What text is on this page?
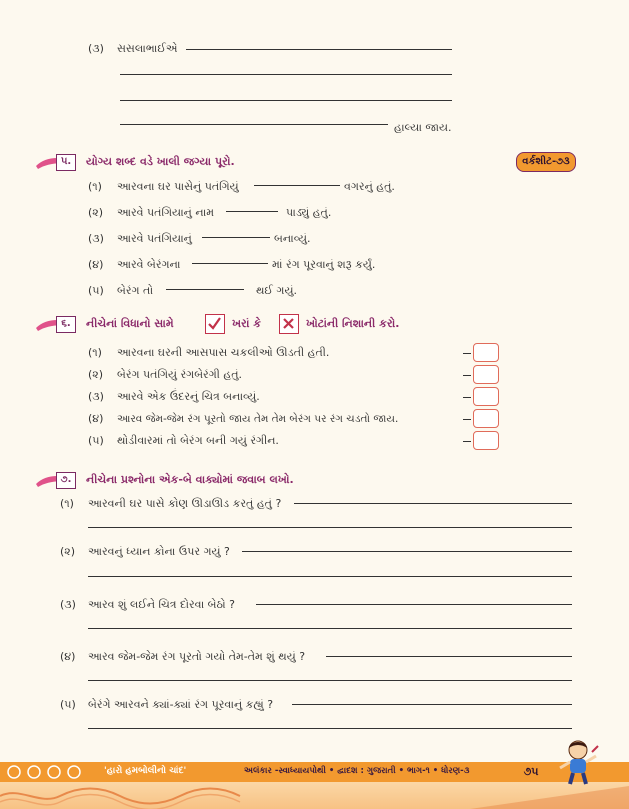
(૩) સસલાભાઈએ
હાલ્યા જાય.
૫.	યોગ્ય શબ્દ વડે ખાલી જગ્યા પૂરો.	વર્કશીટ-૭૩
(૧) આરવના ઘર પાસેનું પતંગિયું	વગરનું હતું.
(૨) આરવે પતંગિયાનું નામ	પાડ્યું હતું.
(૩) આરવે પતંગિયાનું	બનાવ્યું.
(૪) આરવે બેરંગના	માં રંગ પૂરવાનું શરૂ કર્યું.
(૫) બેરંગ તો	થઈ ગયું.
૬.	નીચેનાં વિધાનો સામે	ખરાં કે	ખોટાંની નિશાની કરો.
(૧) આરવના ઘરની આસપાસ ચકલીઓ ઊડતી હતી.
(૨) બેરંગ પતંગિયું રંગબેરંગી હતું.
(૩) આરવે એક ઉંદરનું ચિત્ર બનાવ્યું.
(૪) આરવ જેમ-જેમ રંગ પૂરતો જાય તેમ તેમ બેરંગ પર રંગ ચડતો જાય.
(૫) થોડીવારમાં તો બેરંગ બની ગયું રંગીન.
૭.	નીચેના પ્રશ્નોના એક-બે વાક્યોમાં જવાબ લખો.
(૧) આરવની ઘર પાસે કોણ ઊડાઊડ કરતું હતું ?
(૨) આરવનું ધ્યાન કોના ઉપર ગયું ?
(૩) આરવ શું લઈને ચિત્ર દોરવા બેઠો ?
(૪) આરવ જેમ-જેમ રંગ પૂરતો ગયો તેમ-તેમ શું થયું ?
(૫) બેરંગે આરવને ક્યાં-ક્યાં રંગ પૂરવાનું કહ્યું ?
'હારો હમબોલીનો ચાંદ'	અલંકાર -સ્વાધ્યાયપોથી • દ્વાદશ : ગુજરાતી • ભાગ-૧ • ધોરણ-૩	૭૫
